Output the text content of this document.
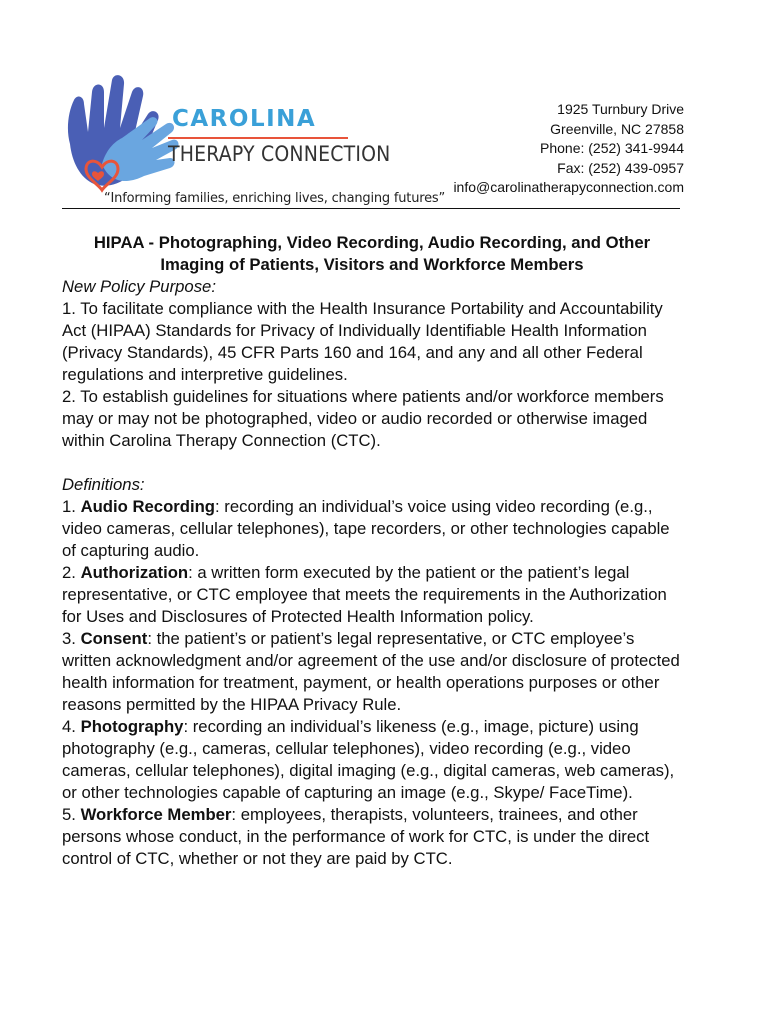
CAROLINA
THERAPY CONNECTION
“Informing families, enriching lives, changing futures”
1925 Turnbury Drive
Greenville, NC 27858
Phone: (252) 341-9944
Fax: (252) 439-0957
info@carolinatherapyconnection.com
HIPAA - Photographing, Video Recording, Audio Recording, and Other
Imaging of Patients, Visitors and Workforce Members

New Policy Purpose:

1. To facilitate compliance with the Health Insurance Portability and Accountability Act (HIPAA) Standards for Privacy of Individually Identifiable Health Information (Privacy Standards), 45 CFR Parts 160 and 164, and any and all other Federal regulations and interpretive guidelines.

2. To establish guidelines for situations where patients and/or workforce members may or may not be photographed, video or audio recorded or otherwise imaged within Carolina Therapy Connection (CTC).

Definitions:

1. Audio Recording: recording an individual’s voice using video recording (e.g., video cameras, cellular telephones), tape recorders, or other technologies capable of capturing audio.

2. Authorization: a written form executed by the patient or the patient’s legal representative, or CTC employee that meets the requirements in the Authorization for Uses and Disclosures of Protected Health Information policy.

3. Consent: the patient’s or patient’s legal representative, or CTC employee’s written acknowledgment and/or agreement of the use and/or disclosure of protected health information for treatment, payment, or health operations purposes or other reasons permitted by the HIPAA Privacy Rule.

4. Photography: recording an individual’s likeness (e.g., image, picture) using photography (e.g., cameras, cellular telephones), video recording (e.g., video cameras, cellular telephones), digital imaging (e.g., digital cameras, web cameras), or other technologies capable of capturing an image (e.g., Skype/ FaceTime).

5. Workforce Member: employees, therapists, volunteers, trainees, and other persons whose conduct, in the performance of work for CTC, is under the direct control of CTC, whether or not they are paid by CTC.
